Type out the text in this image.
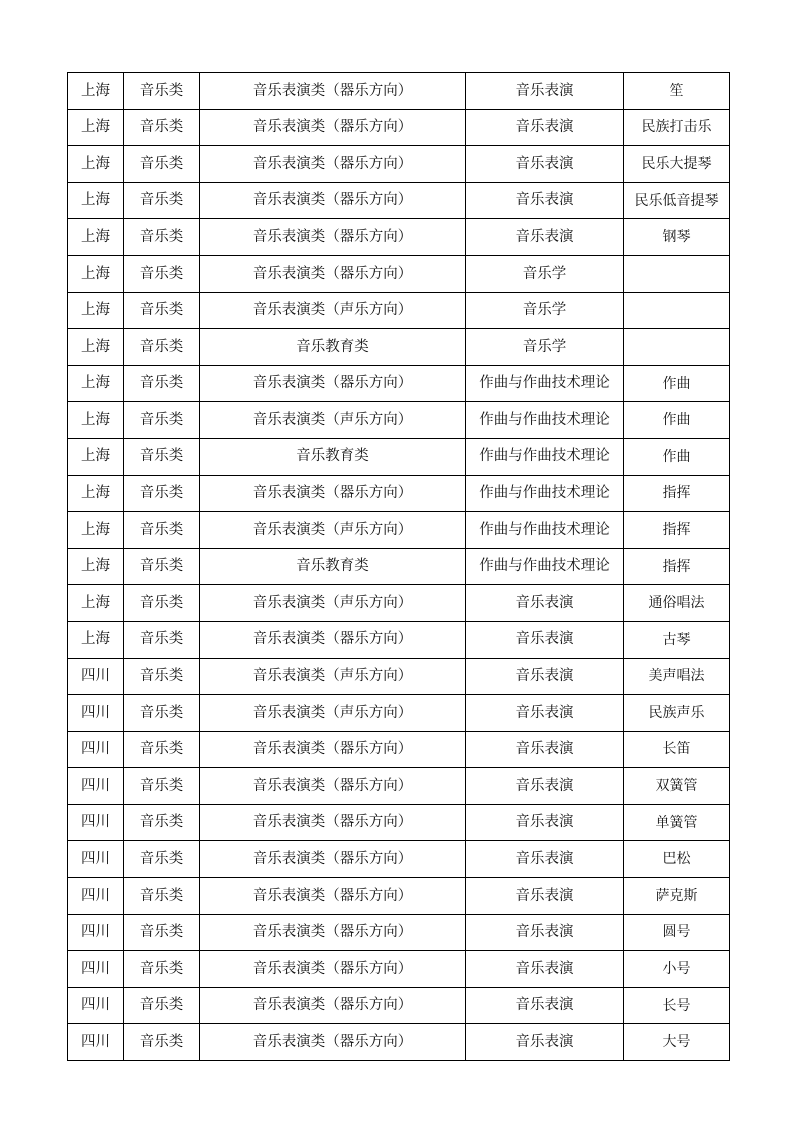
上海	音乐类	音乐表演类（器乐方向）	音乐表演	笙
上海	音乐类	音乐表演类（器乐方向）	音乐表演	民族打击乐
上海	音乐类	音乐表演类（器乐方向）	音乐表演	民乐大提琴
上海	音乐类	音乐表演类（器乐方向）	音乐表演	民乐低音提琴
上海	音乐类	音乐表演类（器乐方向）	音乐表演	钢琴
上海	音乐类	音乐表演类（器乐方向）	音乐学	
上海	音乐类	音乐表演类（声乐方向）	音乐学	
上海	音乐类	音乐教育类	音乐学	
上海	音乐类	音乐表演类（器乐方向）	作曲与作曲技术理论	作曲
上海	音乐类	音乐表演类（声乐方向）	作曲与作曲技术理论	作曲
上海	音乐类	音乐教育类	作曲与作曲技术理论	作曲
上海	音乐类	音乐表演类（器乐方向）	作曲与作曲技术理论	指挥
上海	音乐类	音乐表演类（声乐方向）	作曲与作曲技术理论	指挥
上海	音乐类	音乐教育类	作曲与作曲技术理论	指挥
上海	音乐类	音乐表演类（声乐方向）	音乐表演	通俗唱法
上海	音乐类	音乐表演类（器乐方向）	音乐表演	古琴
四川	音乐类	音乐表演类（声乐方向）	音乐表演	美声唱法
四川	音乐类	音乐表演类（声乐方向）	音乐表演	民族声乐
四川	音乐类	音乐表演类（器乐方向）	音乐表演	长笛
四川	音乐类	音乐表演类（器乐方向）	音乐表演	双簧管
四川	音乐类	音乐表演类（器乐方向）	音乐表演	单簧管
四川	音乐类	音乐表演类（器乐方向）	音乐表演	巴松
四川	音乐类	音乐表演类（器乐方向）	音乐表演	萨克斯
四川	音乐类	音乐表演类（器乐方向）	音乐表演	圆号
四川	音乐类	音乐表演类（器乐方向）	音乐表演	小号
四川	音乐类	音乐表演类（器乐方向）	音乐表演	长号
四川	音乐类	音乐表演类（器乐方向）	音乐表演	大号
